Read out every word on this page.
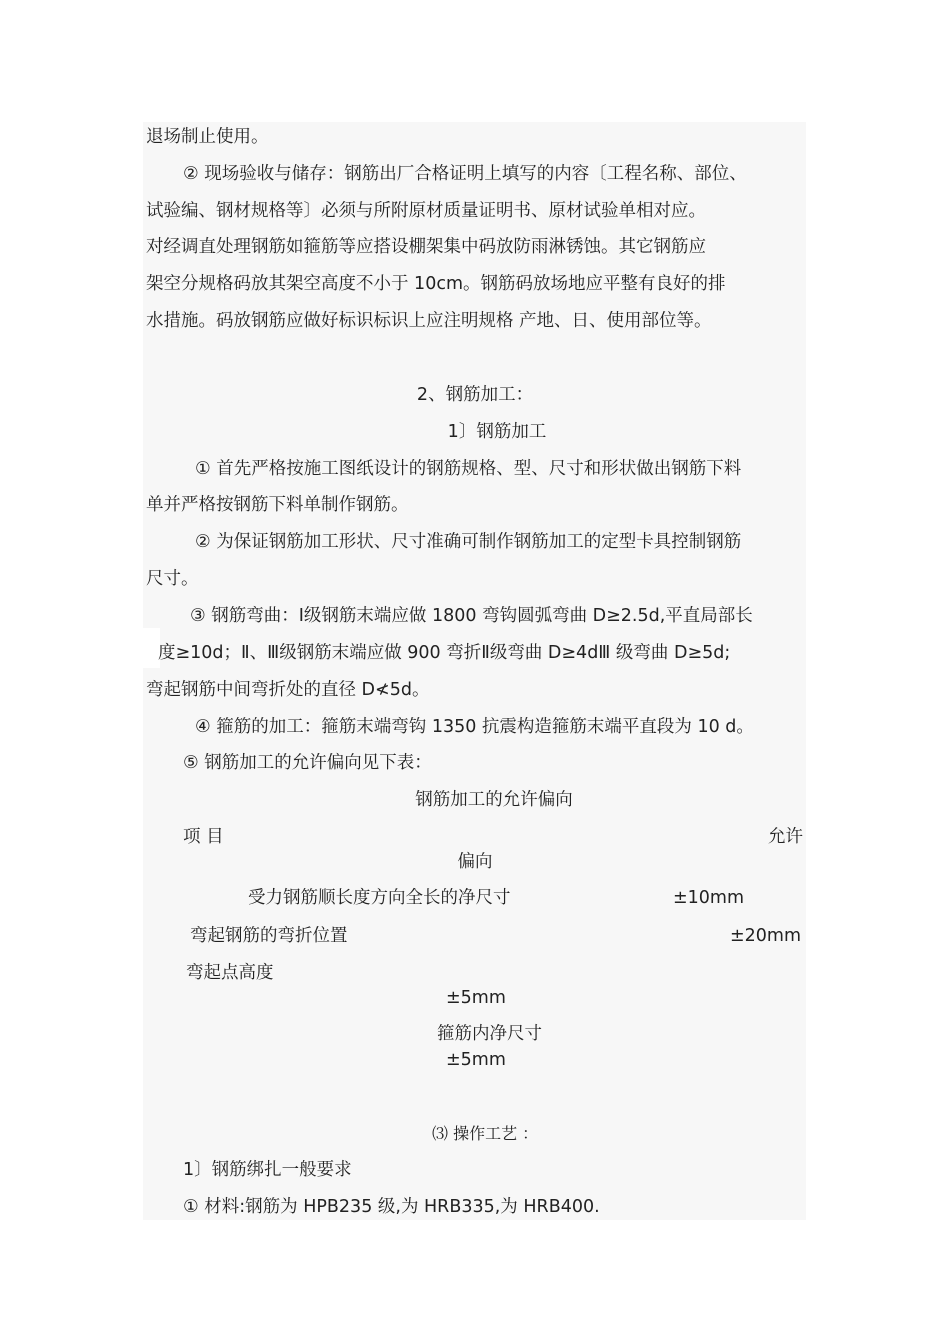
退场制止使用。
② 现场验收与储存：钢筋出厂合格证明上填写的内容〔工程名称、部位、
试验编、钢材规格等〕必须与所附原材质量证明书、原材试验单相对应。
对经调直处理钢筋如箍筋等应搭设棚架集中码放防雨淋锈蚀。其它钢筋应
架空分规格码放其架空高度不小于 10cm。钢筋码放场地应平整有良好的排
水措施。码放钢筋应做好标识标识上应注明规格 产地、日、使用部位等。
2、钢筋加工：
1〕钢筋加工
① 首先严格按施工图纸设计的钢筋规格、型、尺寸和形状做出钢筋下料
单并严格按钢筋下料单制作钢筋。
② 为保证钢筋加工形状、尺寸准确可制作钢筋加工的定型卡具控制钢筋
尺寸。
③ 钢筋弯曲：Ⅰ级钢筋末端应做 1800 弯钩圆弧弯曲 D≥2.5d,平直局部长
度≥10d；Ⅱ、Ⅲ级钢筋末端应做 900 弯折Ⅱ级弯曲 D≥4dⅢ 级弯曲 D≥5d;
弯起钢筋中间弯折处的直径 D≮5d。
④ 箍筋的加工：箍筋末端弯钩 1350 抗震构造箍筋末端平直段为 10 d。
⑤ 钢筋加工的允许偏向见下表：
钢筋加工的允许偏向
项 目	允许
偏向
受力钢筋顺长度方向全长的净尺寸	±10mm
弯起钢筋的弯折位置	±20mm
弯起点高度
±5mm
箍筋内净尺寸
±5mm
⑶ 操作工艺 ：
1〕钢筋绑扎一般要求
① 材料:钢筋为 HPB235 级,为 HRB335,为 HRB400.
